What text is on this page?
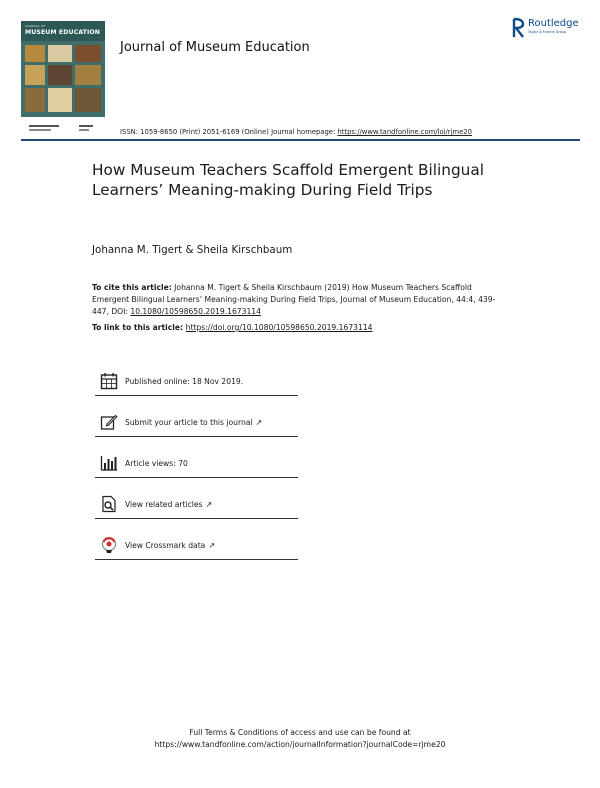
JOURNAL OF
MUSEUM EDUCATION
Journal of Museum Education
Routledge
Taylor & Francis Group
ISSN: 1059-8650 (Print) 2051-6169 (Online) Journal homepage: https://www.tandfonline.com/loi/rjme20
How Museum Teachers Scaffold Emergent Bilingual Learners’ Meaning-making During Field Trips
Johanna M. Tigert & Sheila Kirschbaum
To cite this article: Johanna M. Tigert & Sheila Kirschbaum (2019) How Museum Teachers Scaffold Emergent Bilingual Learners’ Meaning-making During Field Trips, Journal of Museum Education, 44:4, 439-447, DOI: 10.1080/10598650.2019.1673114
To link to this article: https://doi.org/10.1080/10598650.2019.1673114
Published online: 18 Nov 2019.
Submit your article to this journal ↗
Article views: 70
View related articles ↗
View Crossmark data ↗
Full Terms & Conditions of access and use can be found at
https://www.tandfonline.com/action/journalInformation?journalCode=rjme20
